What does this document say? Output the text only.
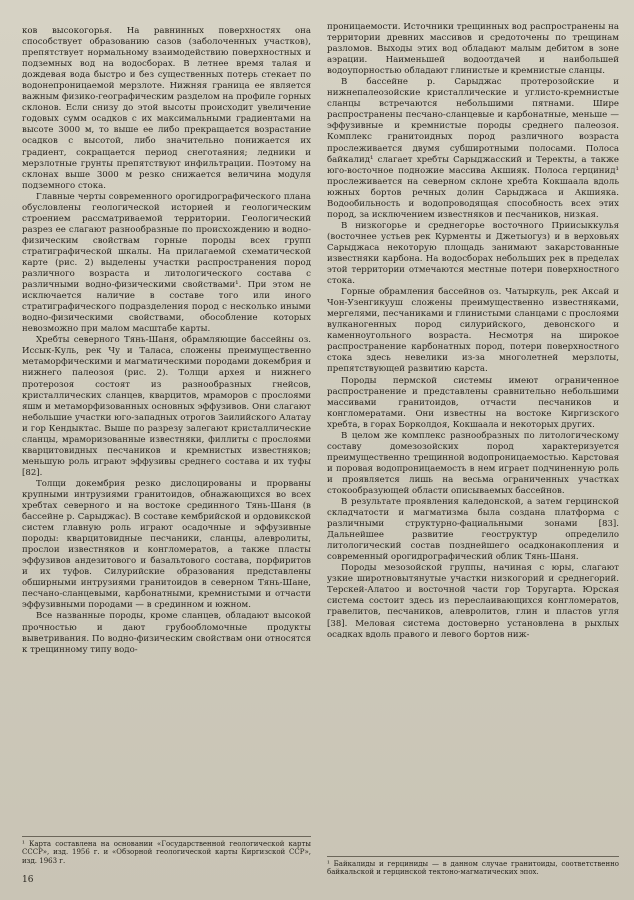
ков высокогорья. На равнинных поверхностях она способствует образованию сазов (заболоченных участков), препятствует нормальному взаимодействию поверхностных и подземных вод на водосборах. В летнее время талая и дождевая вода быстро и без существенных потерь стекает по водонепроницаемой мерзлоте. Нижняя граница ее является важным физико-географическим разделом на профиле горных склонов. Если снизу до этой высоты происходит увеличение годовых сумм осадков с их максимальными градиентами на высоте 3000 м, то выше ее либо прекращается возрастание осадков с высотой, либо значительно понижается их градиент, сокращается период снеготаяния; ледники и мерзлотные грунты препятствуют инфильтрации. Поэтому на склонах выше 3000 м резко снижается величина модуля подземного стока.

Главные черты современного орогидрографического плана обусловлены геологической историей и геологическим строением рассматриваемой территории. Геологический разрез ее слагают разнообразные по происхождению и водно-физическим свойствам горные породы всех групп стратиграфической шкалы. На прилагаемой схематической карте (рис. 2) выделены участки распространения пород различного возраста и литологического состава с различными водно-физическими свойствами¹. При этом не исключается наличие в составе того или иного стратиграфического подразделения пород с несколько иными водно-физическими свойствами, обособление которых невозможно при малом масштабе карты.

Хребты северного Тянь-Шаня, обрамляющие бассейны оз. Иссык-Куль, рек Чу и Таласа, сложены преимущественно метаморфическими и магматическими породами докембрия и нижнего палеозоя (рис. 2). Толщи архея и нижнего протерозоя состоят из разнообразных гнейсов, кристаллических сланцев, кварцитов, мраморов с прослоями яшм и метаморфизованных основных эффузивов. Они слагают небольшие участки юго-западных отрогов Заилийского Алатау и гор Кендыктас. Выше по разрезу залегают кристаллические сланцы, мраморизованные известняки, филлиты с прослоями кварцитовидных песчаников и кремнистых известняков; меньшую роль играют эффузивы среднего состава и их туфы [82].

Толщи докембрия резко дислоцированы и прорваны крупными интрузиями гранитоидов, обнажающихся во всех хребтах северного и на востоке срединного Тянь-Шаня (в бассейне р. Сарыджас). В составе кембрийской и ордовикской систем главную роль играют осадочные и эффузивные породы: кварцитовидные песчаники, сланцы, алевролиты, прослои известняков и конгломератов, а также пласты эффузивов андезитового и базальтового состава, порфиритов и их туфов. Силурийские образования представлены обширными интрузиями гранитоидов в северном Тянь-Шане, песчано-сланцевыми, карбонатными, кремнистыми и отчасти эффузивными породами — в срединном и южном.

Все названные породы, кроме сланцев, обладают высокой прочностью и дают грубообломочные продукты выветривания. По водно-физическим свойствам они относятся к трещинному типу водо-

¹ Карта составлена на основании «Государственной геологической карты СССР», изд. 1956 г. и «Обзорной геологической карты Киргизской ССР», изд. 1963 г.
16

проницаемости. Источники трещинных вод распространены на территории древних массивов и средоточены по трещинам разломов. Выходы этих вод обладают малым дебитом в зоне аэрации. Наименьшей водоотдачей и наибольшей водоупорностью обладают глинистые и кремнистые сланцы.

В бассейне р. Сарыджас протерозойские и нижнепалеозойские кристаллические и углисто-кремнистые сланцы встречаются небольшими пятнами. Шире распространены песчано-сланцевые и карбонатные, меньше — эффузивные и кремнистые породы среднего палеозоя. Комплекс гранитоидных пород различного возраста прослеживается двумя субширотными полосами. Полоса байкалид¹ слагает хребты Сарыджасский и Теректы, а также юго-восточное подножие массива Акшияк. Полоса герцинид¹ прослеживается на северном склоне хребта Кокшаала вдоль южных бортов речных долин Сарыджаса и Акшияка. Водообильность и водопроводящая способность всех этих пород, за исключением известняков и песчаников, низкая.

В низкогорье и среднегорье восточного Приисыккулья (восточнее устьев рек Курменты и Джетыогуз) и в верховьях Сарыджаса некоторую площадь занимают закарстованные известняки карбона. На водосборах небольших рек в пределах этой территории отмечаются местные потери поверхностного стока.

Горные обрамления бассейнов оз. Чатыркуль, рек Аксай и Чон-Узенгикууш сложены преимущественно известняками, мергелями, песчаниками и глинистыми сланцами с прослоями вулканогенных пород силурийского, девонского и каменноугольного возраста. Несмотря на широкое распространение карбонатных пород, потери поверхностного стока здесь невелики из-за многолетней мерзлоты, препятствующей развитию карста.

Породы пермской системы имеют ограниченное распространение и представлены сравнительно небольшими массивами гранитоидов, отчасти песчаников и конгломератами. Они известны на востоке Киргизского хребта, в горах Борколдоя, Кокшаала и некоторых других.

В целом же комплекс разнообразных по литологическому составу домезозойских пород характеризуется преимущественно трещинной водопроницаемостью. Карстовая и поровая водопроницаемость в нем играет подчиненную роль и проявляется лишь на весьма ограниченных участках стокообразующей области описываемых бассейнов.

В результате проявления каледонской, а затем герцинской складчатости и магматизма была создана платформа с различными структурно-фациальными зонами [83]. Дальнейшее развитие геоструктур определило литологический состав позднейшего осадконакопления и современный орогидрографический облик Тянь-Шаня.

Породы мезозойской группы, начиная с юры, слагают узкие широтновытянутые участки низкогорий и среднегорий. Терскей-Алатоо и восточной части гор Торугарта. Юрская система состоит здесь из переслаивающихся конгломератов, гравелитов, песчаников, алевролитов, глин и пластов угля [38]. Меловая система достоверно установлена в рыхлых осадках вдоль правого и левого бортов ниж-

¹ Байкалиды и герциниды — в данном случае гранитоиды, соответственно байкальской и герцинской тектоно-магматических эпох.
